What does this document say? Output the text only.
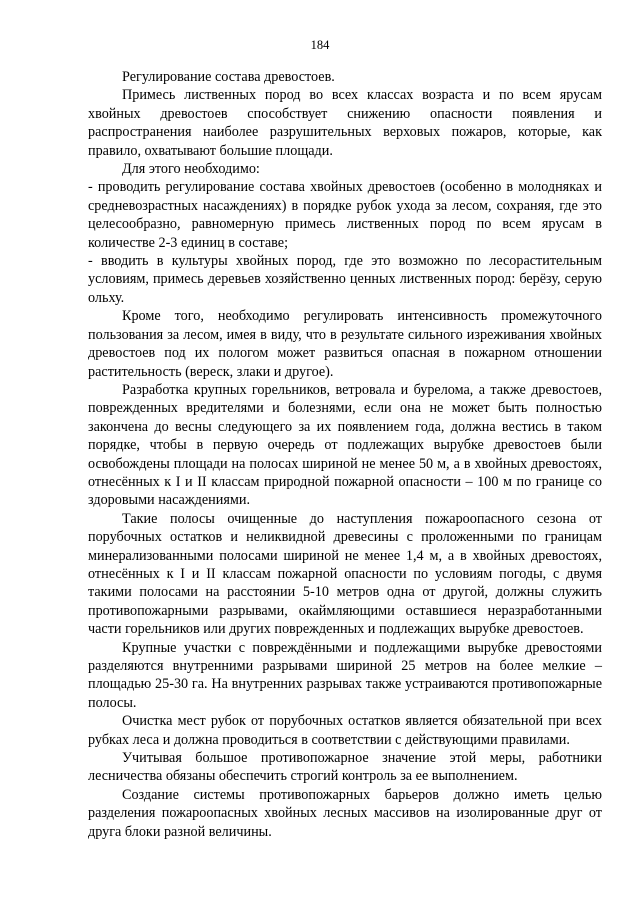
184

Регулирование состава древостоев.

Примесь лиственных пород во всех классах возраста и по всем ярусам хвойных древостоев способствует снижению опасности появления и распространения наиболее разрушительных верховых пожаров, которые, как правило, охватывают большие площади.

Для этого необходимо:

- проводить регулирование состава хвойных древостоев (особенно в молодняках и средневозрастных насаждениях) в порядке рубок ухода за лесом, сохраняя, где это целесообразно, равномерную примесь лиственных пород по всем ярусам в количестве 2-3 единиц в составе;

- вводить в культуры хвойных пород, где это возможно по лесорастительным условиям, примесь деревьев хозяйственно ценных лиственных пород: берёзу, серую ольху.

Кроме того, необходимо регулировать интенсивность промежуточного пользования за лесом, имея в виду, что в результате сильного изреживания хвойных древостоев под их пологом может развиться опасная в пожарном отношении растительность (вереск, злаки и другое).

Разработка крупных горельников, ветровала и бурелома, а также древостоев, поврежденных вредителями и болезнями, если она не может быть полностью закончена до весны следующего за их появлением года, должна вестись в таком порядке, чтобы в первую очередь от подлежащих вырубке древостоев были освобождены площади на полосах шириной не менее 50 м, а в хвойных древостоях, отнесённых к I и II классам природной пожарной опасности – 100 м по границе со здоровыми насаждениями.

Такие полосы очищенные до наступления пожароопасного сезона от порубочных остатков и неликвидной древесины с проложенными по границам минерализованными полосами шириной не менее 1,4 м, а в хвойных древостоях, отнесённых к I и II классам пожарной опасности по условиям погоды, с двумя такими полосами на расстоянии 5-10 метров одна от другой, должны служить противопожарными разрывами, окаймляющими оставшиеся неразработанными части горельников или других поврежденных и подлежащих вырубке древостоев.

Крупные участки с повреждёнными и подлежащими вырубке древостоями разделяются внутренними разрывами шириной 25 метров на более мелкие – площадью 25-30 га. На внутренних разрывах также устраиваются противопожарные полосы.

Очистка мест рубок от порубочных остатков является обязательной при всех рубках леса и должна проводиться в соответствии с действующими правилами.

Учитывая большое противопожарное значение этой меры, работники лесничества обязаны обеспечить строгий контроль за ее выполнением.

Создание системы противопожарных барьеров должно иметь целью разделения пожароопасных хвойных лесных массивов на изолированные друг от друга блоки разной величины.
